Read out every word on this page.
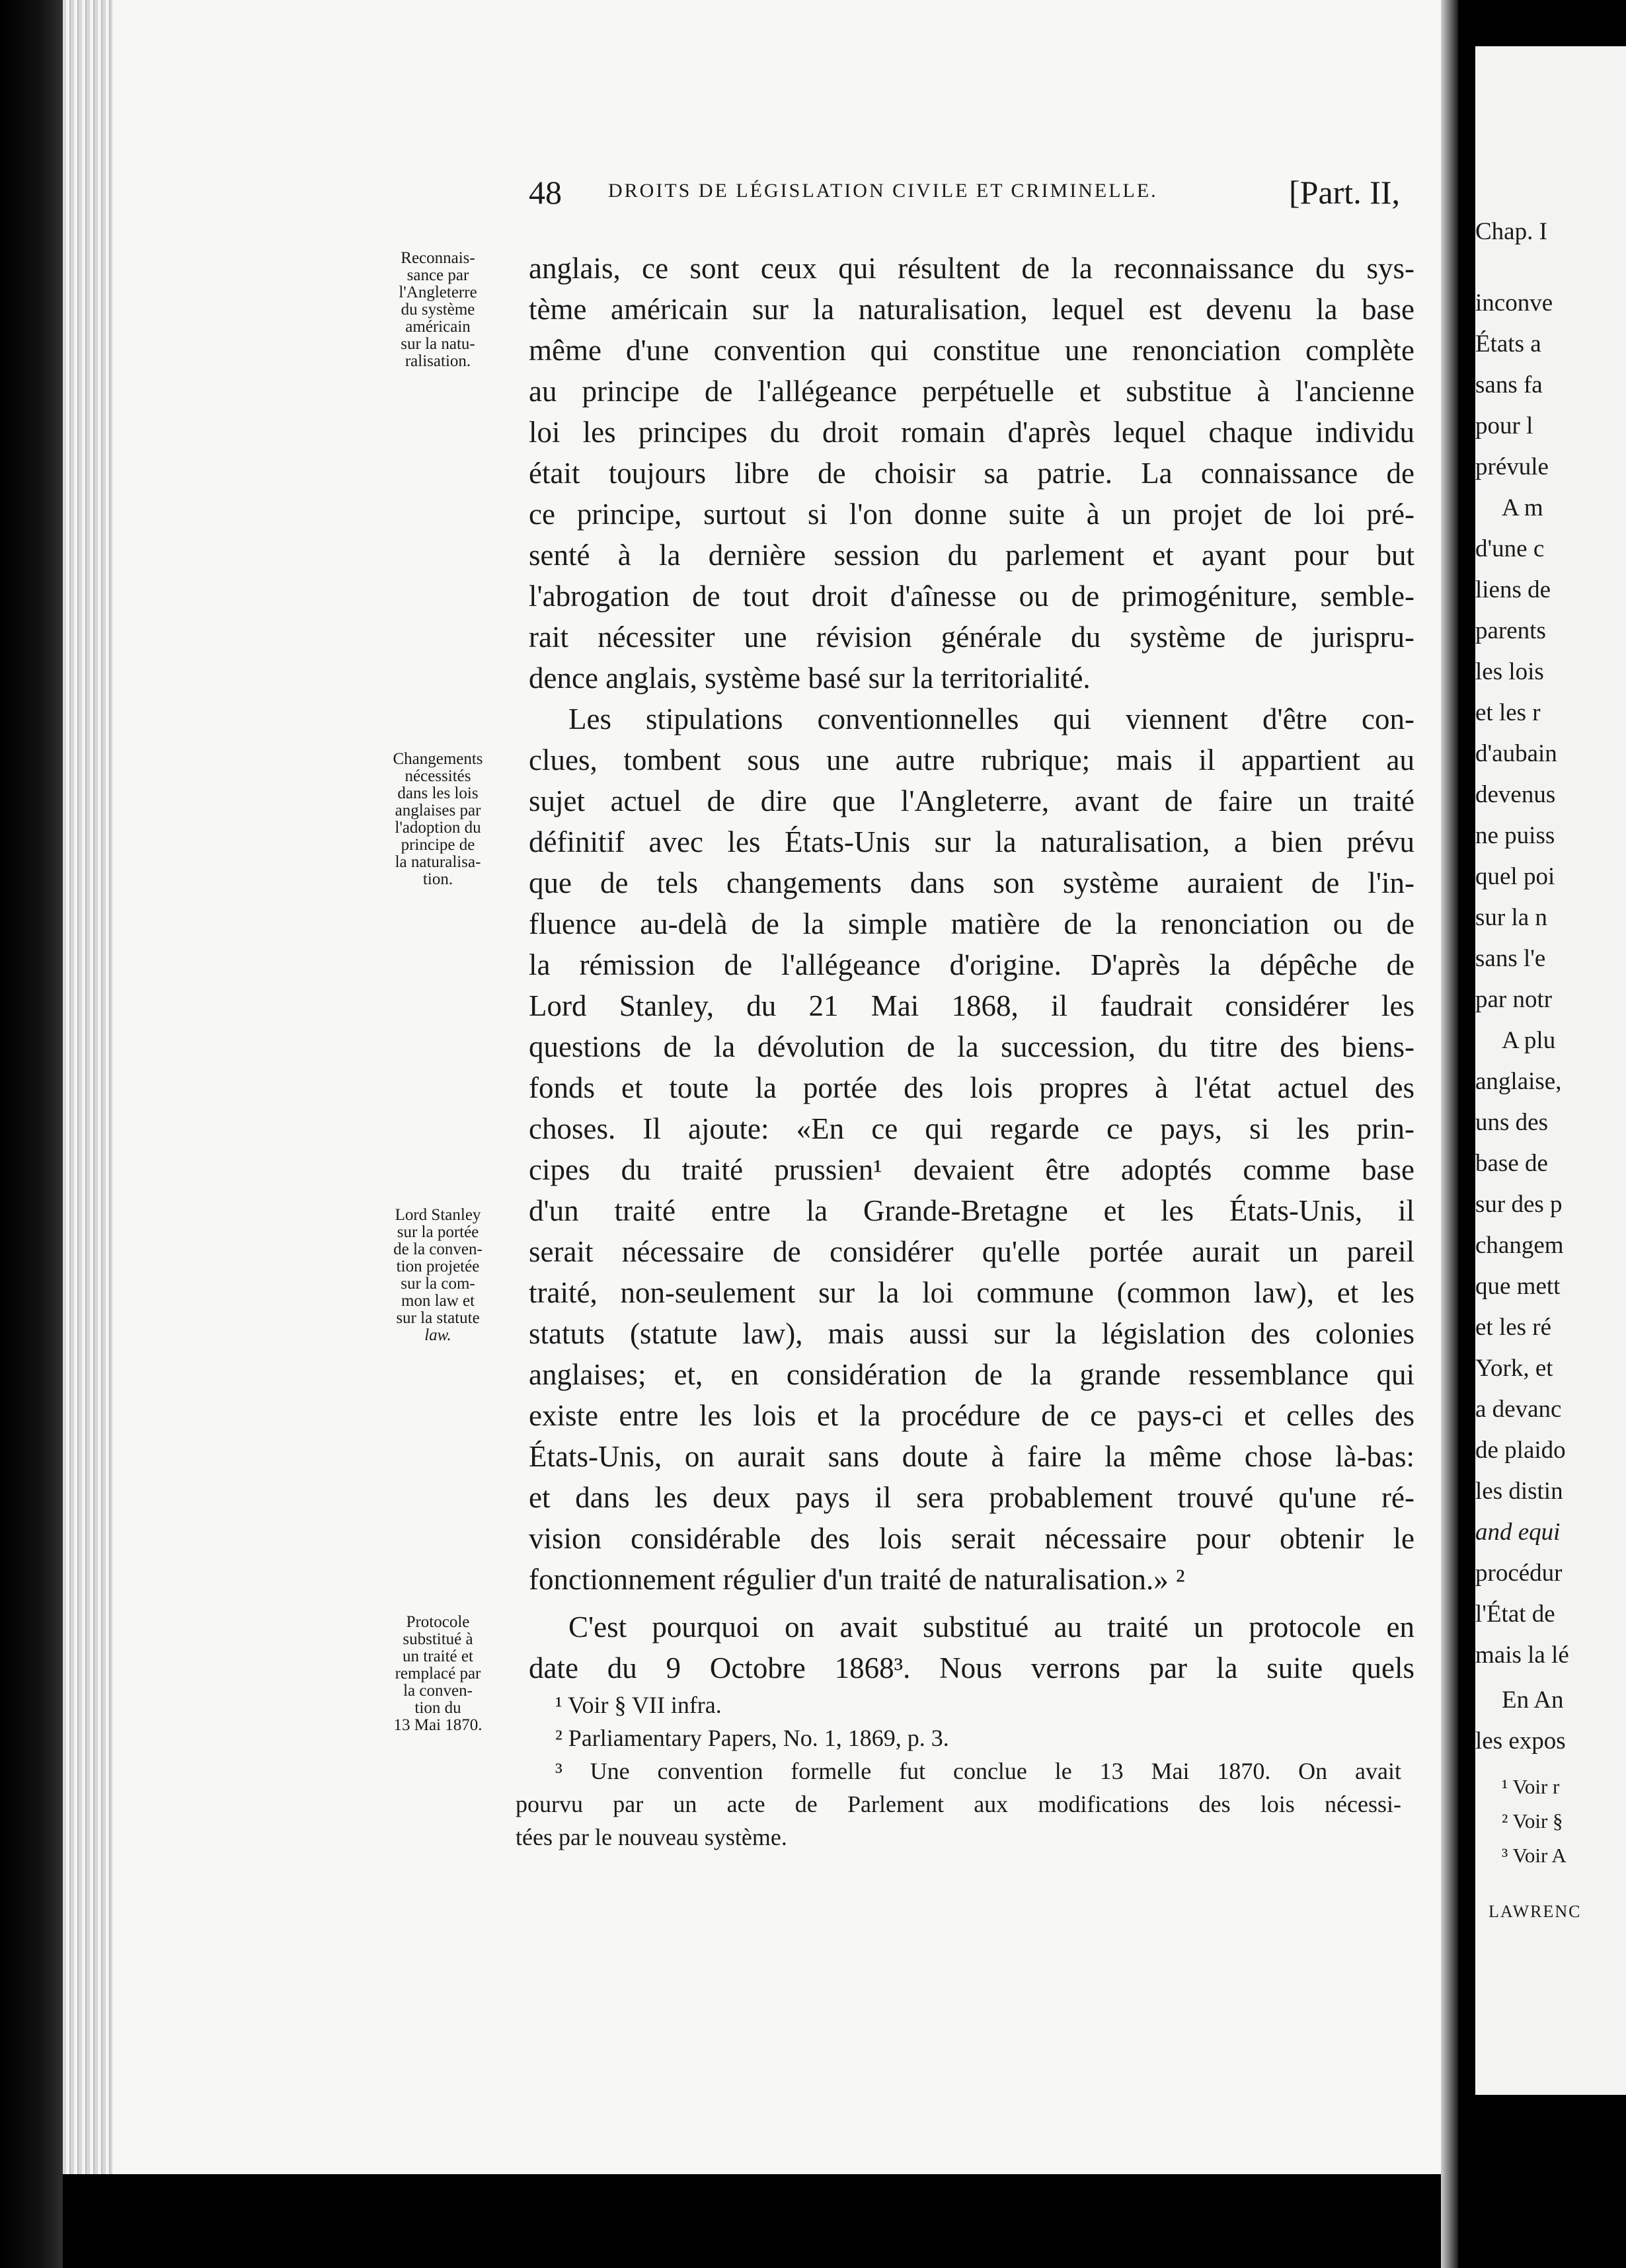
48 DROITS DE LÉGISLATION CIVILE ET CRIMINELLE.	[Part. II,
Reconnais-
sance par
l'Angleterre
du système
américain
sur la natu-
ralisation.
Changements
nécessités
dans les lois
anglaises par
l'adoption du
principe de
la naturalisa-
tion.
Lord Stanley
sur la portée
de la conven-
tion projetée
sur la com-
mon law et
sur la statute
law.
Protocole
substitué à
un traité et
remplacé par
la conven-
tion du
13 Mai 1870.
anglais, ce sont ceux qui résultent de la reconnaissance du sys-
tème américain sur la naturalisation, lequel est devenu la base
même d'une convention qui constitue une renonciation complète
au principe de l'allégeance perpétuelle et substitue à l'ancienne
loi les principes du droit romain d'après lequel chaque individu
était toujours libre de choisir sa patrie. La connaissance de
ce principe, surtout si l'on donne suite à un projet de loi pré-
senté à la dernière session du parlement et ayant pour but
l'abrogation de tout droit d'aînesse ou de primogéniture, semble-
rait nécessiter une révision générale du système de jurispru-
dence anglais, système basé sur la territorialité.
Les stipulations conventionnelles qui viennent d'être con-
clues, tombent sous une autre rubrique; mais il appartient au
sujet actuel de dire que l'Angleterre, avant de faire un traité
définitif avec les États-Unis sur la naturalisation, a bien prévu
que de tels changements dans son système auraient de l'in-
fluence au-delà de la simple matière de la renonciation ou de
la rémission de l'allégeance d'origine. D'après la dépêche de
Lord Stanley, du 21 Mai 1868, il faudrait considérer les
questions de la dévolution de la succession, du titre des biens-
fonds et toute la portée des lois propres à l'état actuel des
choses. Il ajoute: «En ce qui regarde ce pays, si les prin-
cipes du traité prussien¹ devaient être adoptés comme base
d'un traité entre la Grande-Bretagne et les États-Unis, il
serait nécessaire de considérer qu'elle portée aurait un pareil
traité, non-seulement sur la loi commune (common law), et les
statuts (statute law), mais aussi sur la législation des colonies
anglaises; et, en considération de la grande ressemblance qui
existe entre les lois et la procédure de ce pays-ci et celles des
États-Unis, on aurait sans doute à faire la même chose là-bas:
et dans les deux pays il sera probablement trouvé qu'une ré-
vision considérable des lois serait nécessaire pour obtenir le
fonctionnement régulier d'un traité de naturalisation.» ²
C'est pourquoi on avait substitué au traité un protocole en
date du 9 Octobre 1868³. Nous verrons par la suite quels
¹ Voir § VII infra.
² Parliamentary Papers, No. 1, 1869, p. 3.
³ Une convention formelle fut conclue le 13 Mai 1870. On avait
pourvu par un acte de Parlement aux modifications des lois nécessi-
tées par le nouveau système.
Chap. I
inconve
États a
sans fa
pour l
prévule
A m
d'une c
liens de
parents
les lois
et les r
d'aubain
devenus
ne puiss
quel poi
sur la n
sans l'e
par notr
A plu
anglaise,
uns des
base de
sur des p
changem
que mett
et les ré
York, et
a devanc
de plaido
les distin
and equi
procédur
l'État de
mais la lé
En An
les expos
¹ Voir r
² Voir §
³ Voir A
LAWRENC
